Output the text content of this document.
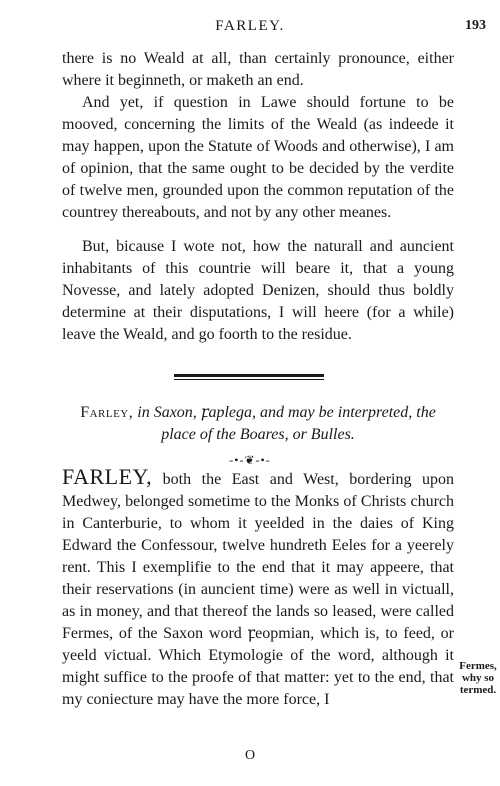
FARLEY.	193

there is no Weald at all, than certainly pronounce, either where it beginneth, or maketh an end.

And yet, if question in Lawe should fortune to be mooved, concerning the limits of the Weald (as indeede it may happen, upon the Statute of Woods and otherwise), I am of opinion, that the same ought to be decided by the verdite of twelve men, grounded upon the common reputation of the countrey thereabouts, and not by any other meanes.

But, bicause I wote not, how the naturall and auncient inhabitants of this countrie will beare it, that a young Novesse, and lately adopted Denizen, should thus boldly determine at their disputations, I will heere (for a while) leave the Weald, and go foorth to the residue.

Farley, in Saxon, ꝼaplega, and may be interpreted, the place of the Boares, or Bulles.
-•-❦-•-

FARLEY, both the East and West, bordering upon Medwey, belonged sometime to the Monks of Christs church in Canterburie, to whom it yeelded in the daies of King Edward the Confessour, twelve hundreth Eeles for a yeerely rent. This I exemplifie to the end that it may appeere, that their reservations (in auncient time) were as well in victuall, as in money, and that thereof the lands so leased, were called Fermes, of the Saxon word ꝼeopmian, which is, to feed, or yeeld victual. Which Etymologie of the word, although it might suffice to the proofe of that matter: yet to the end, that my coniecture may have the more force, I

Fermes, why so termed.
O
